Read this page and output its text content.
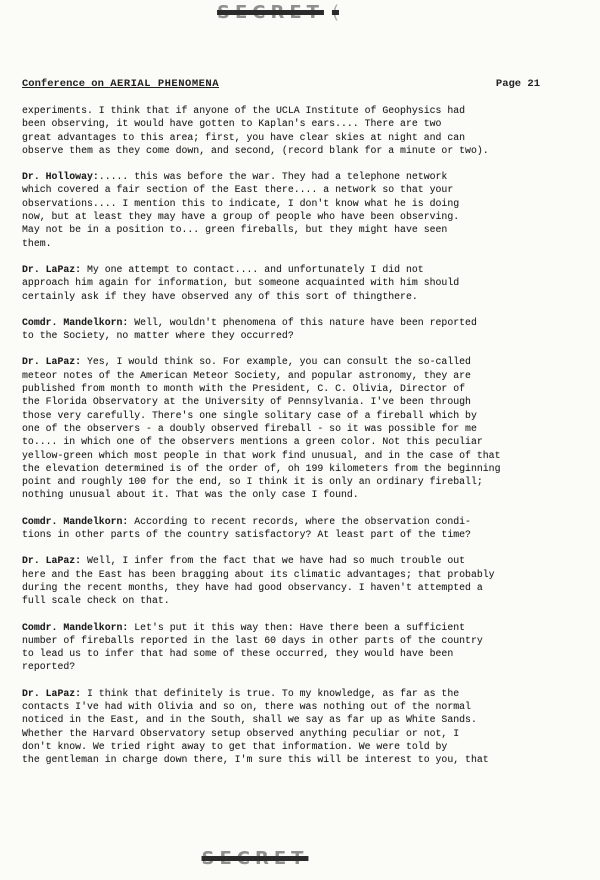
SECRET (
Conference on AERIAL PHENOMENA	Page 21

experiments. I think that if anyone of the UCLA Institute of Geophysics had
been observing, it would have gotten to Kaplan's ears.... There are two
great advantages to this area; first, you have clear skies at night and can
observe them as they come down, and second, (record blank for a minute or two).

Dr. Holloway:..... this was before the war. They had a telephone network
which covered a fair section of the East there.... a network so that your
observations.... I mention this to indicate, I don't know what he is doing
now, but at least they may have a group of people who have been observing.
May not be in a position to... green fireballs, but they might have seen
them.

Dr. LaPaz: My one attempt to contact.... and unfortunately I did not
approach him again for information, but someone acquainted with him should
certainly ask if they have observed any of this sort of thingthere.

Comdr. Mandelkorn: Well, wouldn't phenomena of this nature have been reported
to the Society, no matter where they occurred?

Dr. LaPaz: Yes, I would think so. For example, you can consult the so-called
meteor notes of the American Meteor Society, and popular astronomy, they are
published from month to month with the President, C. C. Olivia, Director of
the Florida Observatory at the University of Pennsylvania. I've been through
those very carefully. There's one single solitary case of a fireball which by
one of the observers - a doubly observed fireball - so it was possible for me
to.... in which one of the observers mentions a green color. Not this peculiar
yellow-green which most people in that work find unusual, and in the case of that
the elevation determined is of the order of, oh 199 kilometers from the beginning
point and roughly 100 for the end, so I think it is only an ordinary fireball;
nothing unusual about it. That was the only case I found.

Comdr. Mandelkorn: According to recent records, where the observation condi-
tions in other parts of the country satisfactory? At least part of the time?

Dr. LaPaz: Well, I infer from the fact that we have had so much trouble out
here and the East has been bragging about its climatic advantages; that probably
during the recent months, they have had good observancy. I haven't attempted a
full scale check on that.

Comdr. Mandelkorn: Let's put it this way then: Have there been a sufficient
number of fireballs reported in the last 60 days in other parts of the country
to lead us to infer that had some of these occurred, they would have been
reported?

Dr. LaPaz: I think that definitely is true. To my knowledge, as far as the
contacts I've had with Olivia and so on, there was nothing out of the normal
noticed in the East, and in the South, shall we say as far up as White Sands.
Whether the Harvard Observatory setup observed anything peculiar or not, I
don't know. We tried right away to get that information. We were told by
the gentleman in charge down there, I'm sure this will be interest to you, that

SECRET
